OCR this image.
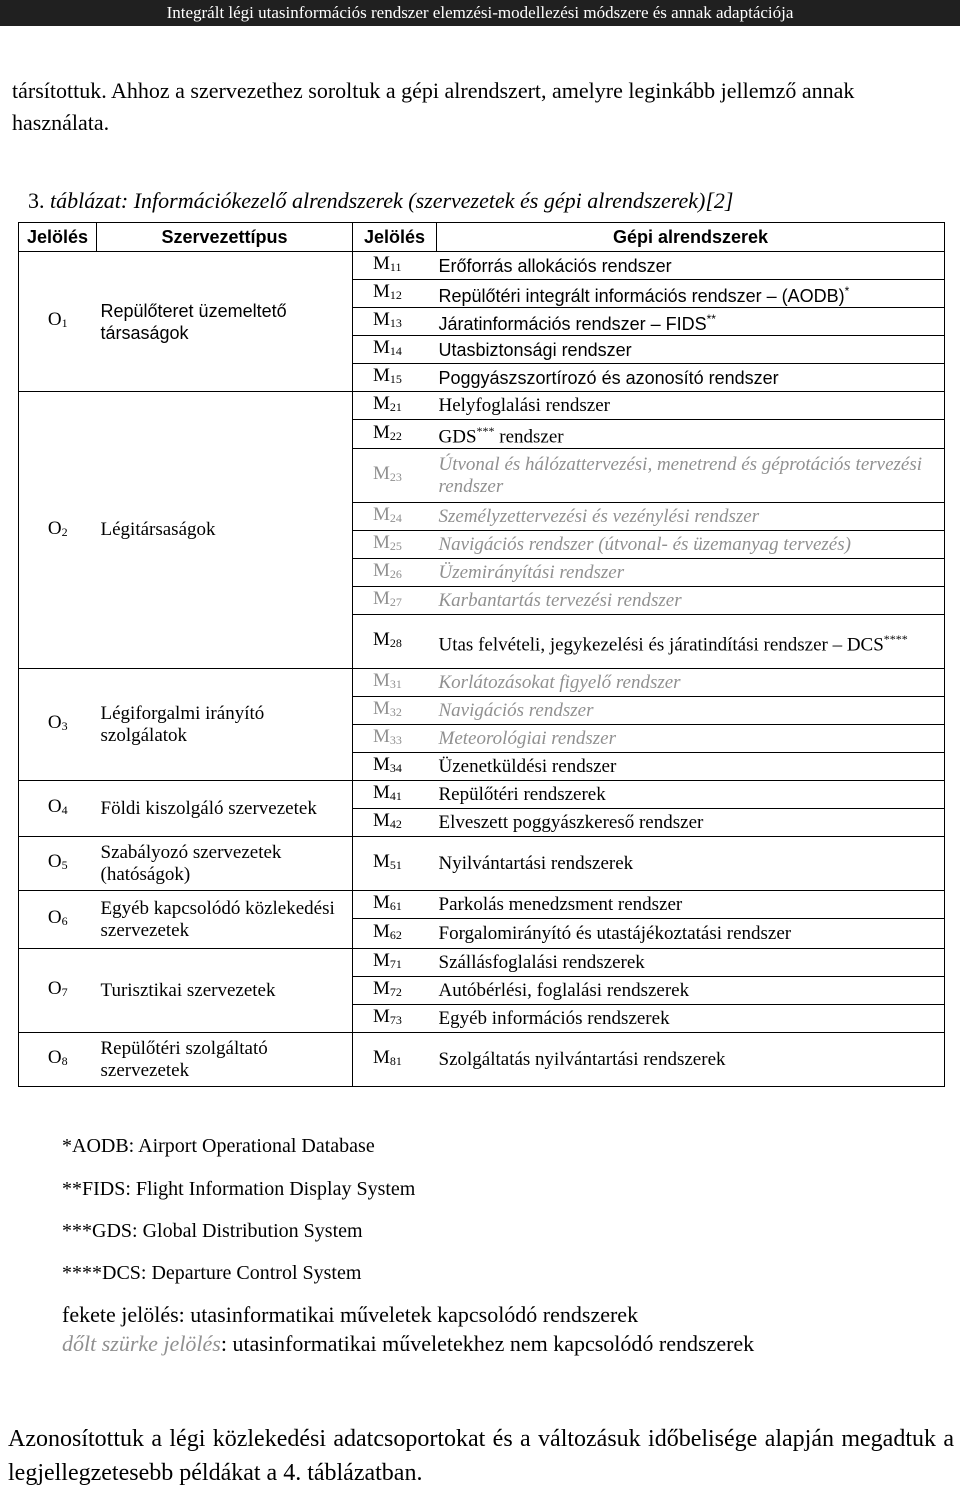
Integrált légi utasinformációs rendszer elemzési-modellezési módszere és annak adaptációja
társítottuk. Ahhoz a szervezethez soroltuk a gépi alrendszert, amelyre leginkább jellemző annak használata.
3. táblázat: Információkezelő alrendszerek (szervezetek és gépi alrendszerek)[2]
Jelölés	Szervezettípus	Jelölés	Gépi alrendszerek
$O_1$	Repülőteret üzemeltető társaságok	$M_{11}$	Erőforrás allokációs rendszer
		$M_{12}$	Repülőtéri integrált információs rendszer – (AODB)*
		$M_{13}$	Járatinformációs rendszer – FIDS**
		$M_{14}$	Utasbiztonsági rendszer
		$M_{15}$	Poggyászszortírozó és azonosító rendszer
$O_2$	Légitársaságok	$M_{21}$	Helyfoglalási rendszer
		$M_{22}$	GDS*** rendszer
		$M_{23}$	Útvonal és hálózattervezési, menetrend és géprotációs tervezési rendszer
		$M_{24}$	Személyzettervezési és vezénylési rendszer
		$M_{25}$	Navigációs rendszer (útvonal- és üzemanyag tervezés)
		$M_{26}$	Üzemirányítási rendszer
		$M_{27}$	Karbantartás tervezési rendszer
		$M_{28}$	Utas felvételi, jegykezelési és járatindítási rendszer – DCS****
$O_3$	Légiforgalmi irányító szolgálatok	$M_{31}$	Korlátozásokat figyelő rendszer
		$M_{32}$	Navigációs rendszer
		$M_{33}$	Meteorológiai rendszer
		$M_{34}$	Üzenetküldési rendszer
$O_4$	Földi kiszolgáló szervezetek	$M_{41}$	Repülőtéri rendszerek
		$M_{42}$	Elveszett poggyászkereső rendszer
$O_5$	Szabályozó szervezetek (hatóságok)	$M_{51}$	Nyilvántartási rendszerek
$O_6$	Egyéb kapcsolódó közlekedési szervezetek	$M_{61}$	Parkolás menedzsment rendszer
		$M_{62}$	Forgalomirányító és utastájékoztatási rendszer
$O_7$	Turisztikai szervezetek	$M_{71}$	Szállásfoglalási rendszerek
		$M_{72}$	Autóbérlési, foglalási rendszerek
		$M_{73}$	Egyéb információs rendszerek
$O_8$	Repülőtéri szolgáltató szervezetek	$M_{81}$	Szolgáltatás nyilvántartási rendszerek
*AODB: Airport Operational Database
**FIDS: Flight Information Display System
***GDS: Global Distribution System
****DCS: Departure Control System
fekete jelölés: utasinformatikai műveletek kapcsolódó rendszerek
dőlt szürke jelölés: utasinformatikai műveletekhez nem kapcsolódó rendszerek
Azonosítottuk a légi közlekedési adatcsoportokat és a változásuk időbelisége alapján megadtuk a legjellegzetesebb példákat a 4. táblázatban.
